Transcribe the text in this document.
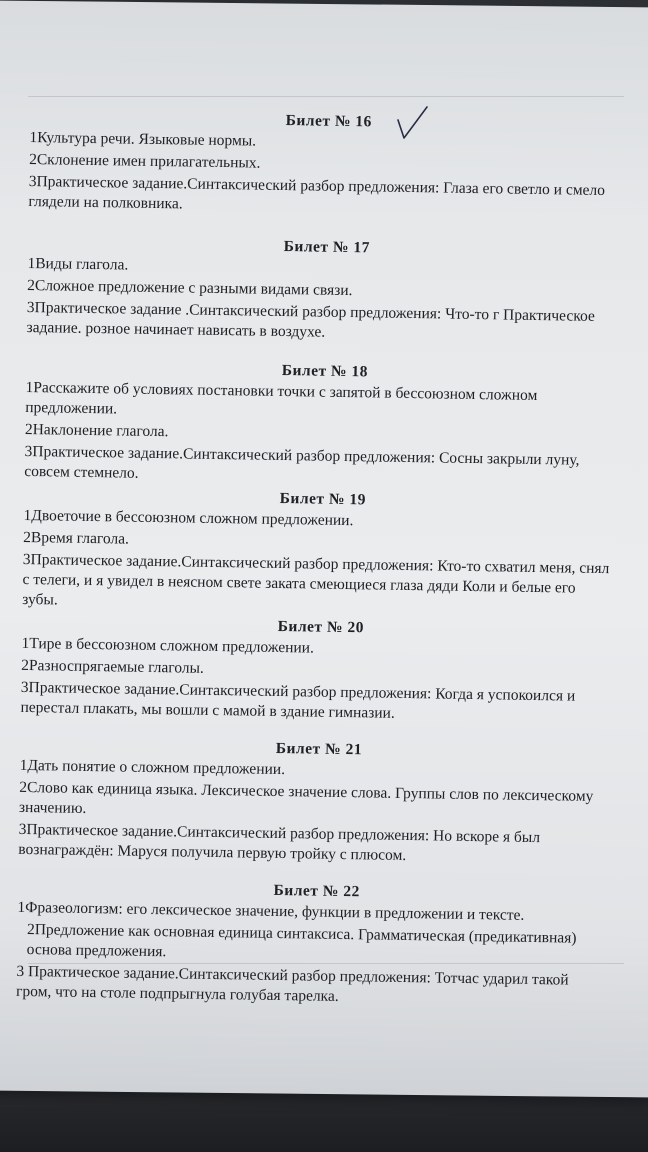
Билет № 16
1Культура речи. Языковые нормы.
2Склонение имен прилагательных.
3Практическое задание.Синтаксический разбор предложения: Глаза его светло и смело глядели на полковника.
Билет № 17
1Виды глагола.
2Сложное предложение с разными видами связи.
3Практическое задание .Синтаксический разбор предложения: Что-то г Практическое задание. розное начинает нависать в воздухе.
Билет № 18
1Расскажите об условиях постановки точки с запятой в бессоюзном сложном предложении.
2Наклонение глагола.
3Практическое задание.Синтаксический разбор предложения: Сосны закрыли луну, совсем стемнело.
Билет № 19
1Двоеточие в бессоюзном сложном предложении.
2Время глагола.
3Практическое задание.Синтаксический разбор предложения: Кто-то схватил меня, снял с телеги, и я увидел в неясном свете заката смеющиеся глаза дяди Коли и белые его зубы.
Билет № 20
1Тире в бессоюзном сложном предложении.
2Разноспрягаемые глаголы.
3Практическое задание.Синтаксический разбор предложения: Когда я успокоился и перестал плакать, мы вошли с мамой в здание гимназии.
Билет № 21
1Дать понятие о сложном предложении.
2Слово как единица языка. Лексическое значение слова. Группы слов по лексическому значению.
3Практическое задание.Синтаксический разбор предложения: Но вскоре я был вознаграждён: Маруся получила первую тройку с плюсом.
Билет № 22
1Фразеологизм: его лексическое значение, функции в предложении и тексте.
2Предложение как основная единица синтаксиса. Грамматическая (предикативная) основа предложения.
3 Практическое задание.Синтаксический разбор предложения: Тотчас ударил такой гром, что на столе подпрыгнула голубая тарелка.
